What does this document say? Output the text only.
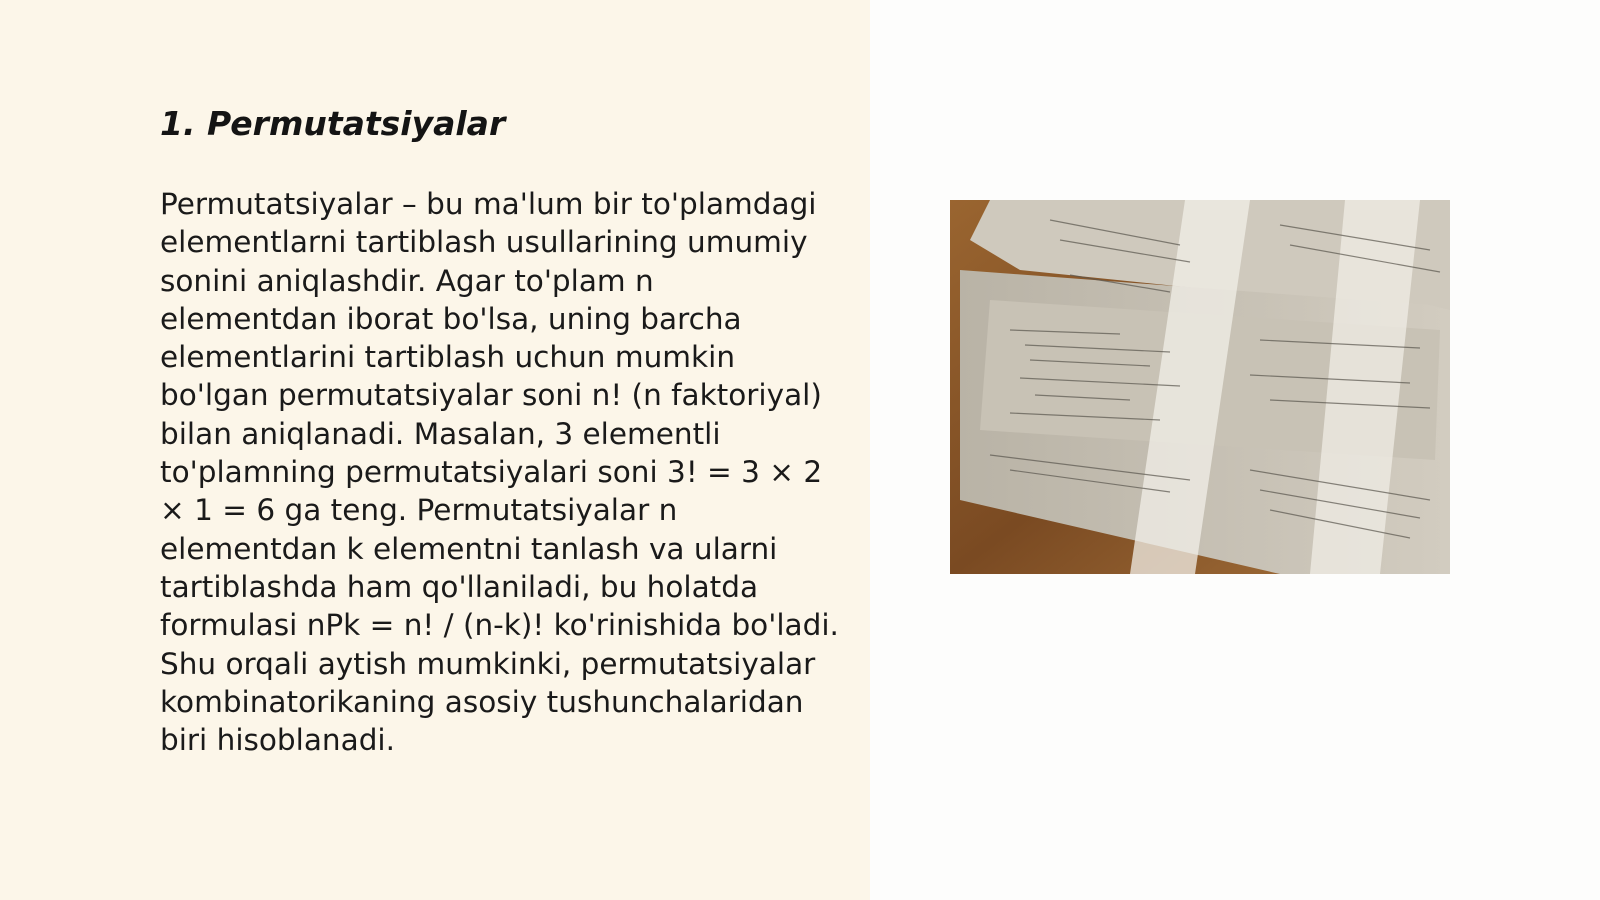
1. Permutatsiyalar

Permutatsiyalar – bu ma'lum bir to'plamdagi elementlarni tartiblash usullarining umumiy sonini aniqlashdir. Agar to'plam n elementdan iborat bo'lsa, uning barcha elementlarini tartiblash uchun mumkin bo'lgan permutatsiyalar soni n! (n faktoriyal) bilan aniqlanadi. Masalan, 3 elementli to'plamning permutatsiyalari soni 3! = 3 × 2 × 1 = 6 ga teng. Permutatsiyalar n elementdan k elementni tanlash va ularni tartiblashda ham qo'llaniladi, bu holatda formulasi nPk = n! / (n-k)! ko'rinishida bo'ladi. Shu orqali aytish mumkinki, permutatsiyalar kombinatorikaning asosiy tushunchalaridan biri hisoblanadi.
